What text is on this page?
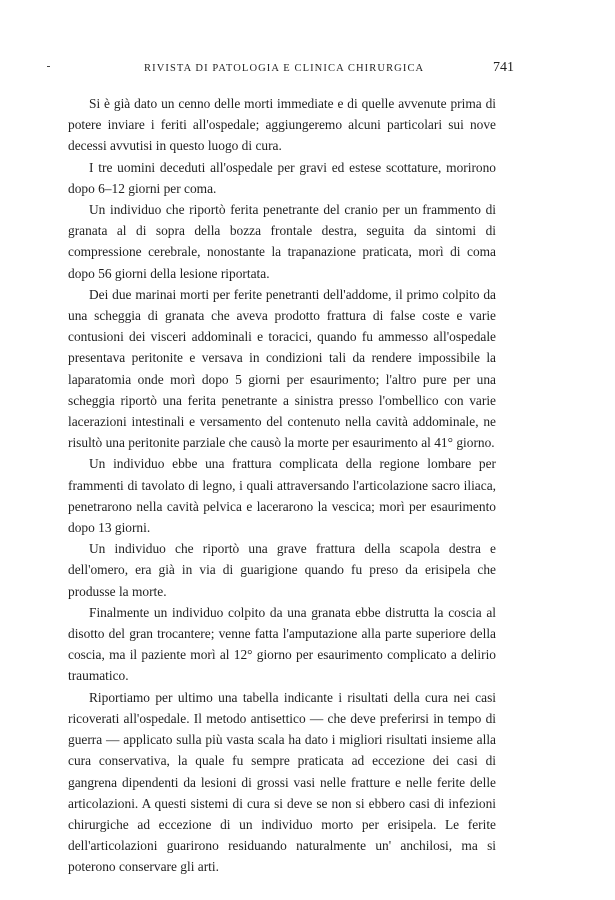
RIVISTA DI PATOLOGIA E CLINICA CHIRURGICA	741

Si è già dato un cenno delle morti immediate e di quelle avvenute prima di potere inviare i feriti all'ospedale; aggiungeremo alcuni particolari sui nove decessi avvutisi in questo luogo di cura.

I tre uomini deceduti all'ospedale per gravi ed estese scottature, morirono dopo 6–12 giorni per coma.

Un individuo che riportò ferita penetrante del cranio per un frammento di granata al di sopra della bozza frontale destra, seguita da sintomi di compressione cerebrale, nonostante la trapanazione praticata, morì di coma dopo 56 giorni della lesione riportata.

Dei due marinai morti per ferite penetranti dell'addome, il primo colpito da una scheggia di granata che aveva prodotto frattura di false coste e varie contusioni dei visceri addominali e toracici, quando fu ammesso all'ospedale presentava peritonite e versava in condizioni tali da rendere impossibile la laparatomia onde morì dopo 5 giorni per esaurimento; l'altro pure per una scheggia riportò una ferita penetrante a sinistra presso l'ombellico con varie lacerazioni intestinali e versamento del contenuto nella cavità addominale, ne risultò una peritonite parziale che causò la morte per esaurimento al 41° giorno.

Un individuo ebbe una frattura complicata della regione lombare per frammenti di tavolato di legno, i quali attraversando l'articolazione sacro iliaca, penetrarono nella cavità pelvica e lacerarono la vescica; morì per esaurimento dopo 13 giorni.

Un individuo che riportò una grave frattura della scapola destra e dell'omero, era già in via di guarigione quando fu preso da erisipela che produsse la morte.

Finalmente un individuo colpito da una granata ebbe distrutta la coscia al disotto del gran trocantere; venne fatta l'amputazione alla parte superiore della coscia, ma il paziente morì al 12° giorno per esaurimento complicato a delirio traumatico.

Riportiamo per ultimo una tabella indicante i risultati della cura nei casi ricoverati all'ospedale. Il metodo antisettico — che deve preferirsi in tempo di guerra — applicato sulla più vasta scala ha dato i migliori risultati insieme alla cura conservativa, la quale fu sempre praticata ad eccezione dei casi di gangrena dipendenti da lesioni di grossi vasi nelle fratture e nelle ferite delle articolazioni. A questi sistemi di cura si deve se non si ebbero casi di infezioni chirurgiche ad eccezione di un individuo morto per erisipela. Le ferite dell'articolazioni guarirono residuando naturalmente un' anchilosi, ma si poterono conservare gli arti.
